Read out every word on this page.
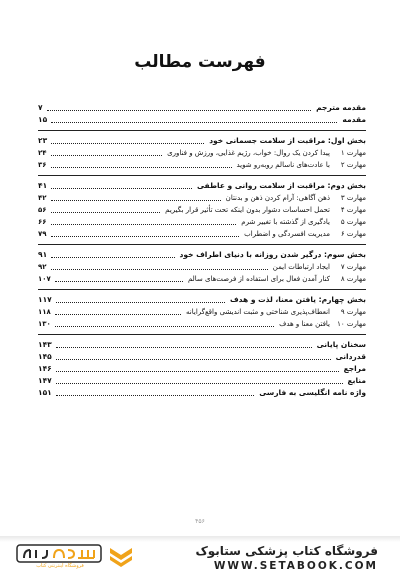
فهرست مطالب
مقدمه مترجم
۷
مقدمه
۱۵
بخش اول: مراقبت از سلامت جسمانی خود
۲۳
مهارت ۱
پیدا کردن یک روال: خواب، رژیم غذایی، ورزش و فناوری
۲۴
مهارت ۲
با عادت‌های ناسالم روبه‌رو شوید
۳۶
بخش دوم: مراقبت از سلامت روانی و عاطفی
۴۱
مهارت ۳
ذهن آگاهی: آرام کردن ذهن و بدنتان
۴۲
مهارت ۴
تحمل احساسات دشوار بدون اینکه تحت تأثیر قرار بگیریم
۵۶
مهارت ۵
یادگیری از گذشته با تغییر شرم
۶۶
مهارت ۶
مدیریت افسردگی و اضطراب
۷۹
بخش سوم: درگیر شدن روزانه با دنیای اطراف خود
۹۱
مهارت ۷
ایجاد ارتباطات ایمن
۹۲
مهارت ۸
کنار آمدن فعال برای استفاده از فرصت‌های سالم
۱۰۷
بخش چهارم: یافتن معنا، لذت و هدف
۱۱۷
مهارت ۹
انعطاف‌پذیری شناختی و مثبت اندیشی واقع‌گرایانه
۱۱۸
مهارت ۱۰
یافتن معنا و هدف
۱۳۰
سخنان پایانی
۱۴۳
قدردانی
۱۴۵
مراجع
۱۴۶
منابع
۱۴۷
واژه نامه انگلیسی به فارسی
۱۵۱
۴۵۶
فروشگاه کتاب پزشکی ستابوک
WWW.SETABOOK.COM
فروشگاه اینترنتی کتاب
